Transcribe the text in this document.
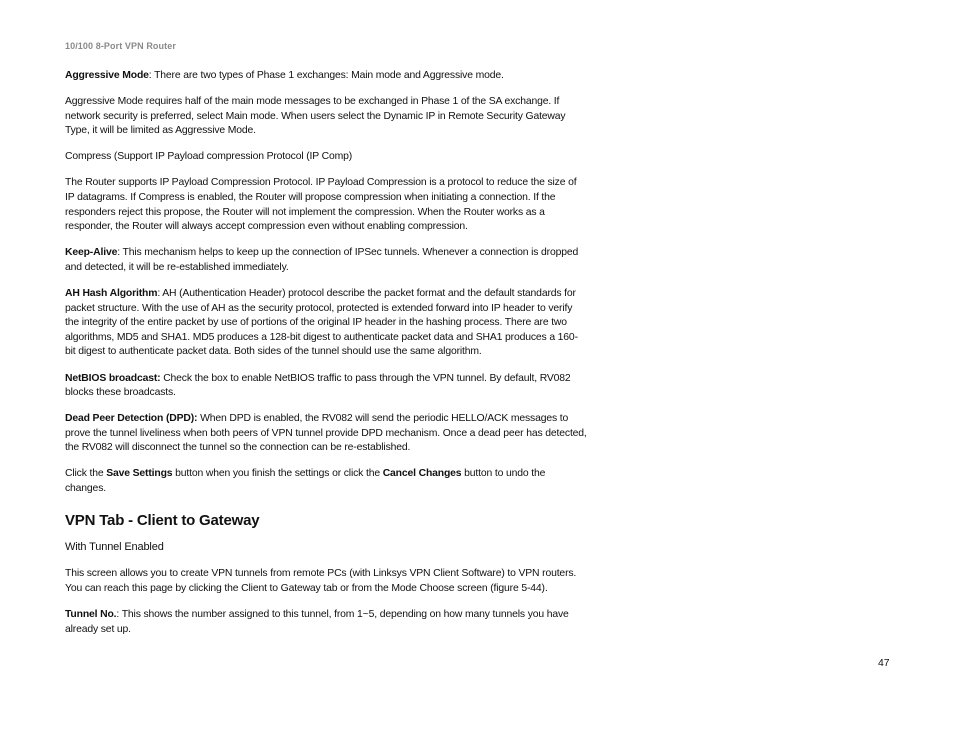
10/100 8-Port VPN Router

Aggressive Mode: There are two types of Phase 1 exchanges: Main mode and Aggressive mode.

Aggressive Mode requires half of the main mode messages to be exchanged in Phase 1 of the SA exchange. If network security is preferred, select Main mode. When users select the Dynamic IP in Remote Security Gateway Type, it will be limited as Aggressive Mode.

Compress (Support IP Payload compression Protocol (IP Comp)

The Router supports IP Payload Compression Protocol. IP Payload Compression is a protocol to reduce the size of IP datagrams. If Compress is enabled, the Router will propose compression when initiating a connection. If the responders reject this propose, the Router will not implement the compression. When the Router works as a responder, the Router will always accept compression even without enabling compression.

Keep-Alive: This mechanism helps to keep up the connection of IPSec tunnels. Whenever a connection is dropped and detected, it will be re-established immediately.

AH Hash Algorithm: AH (Authentication Header) protocol describe the packet format and the default standards for packet structure. With the use of AH as the security protocol, protected is extended forward into IP header to verify the integrity of the entire packet by use of portions of the original IP header in the hashing process. There are two algorithms, MD5 and SHA1. MD5 produces a 128-bit digest to authenticate packet data and SHA1 produces a 160-bit digest to authenticate packet data. Both sides of the tunnel should use the same algorithm.

NetBIOS broadcast: Check the box to enable NetBIOS traffic to pass through the VPN tunnel. By default, RV082 blocks these broadcasts.

Dead Peer Detection (DPD): When DPD is enabled, the RV082 will send the periodic HELLO/ACK messages to prove the tunnel liveliness when both peers of VPN tunnel provide DPD mechanism. Once a dead peer has detected, the RV082 will disconnect the tunnel so the connection can be re-established.

Click the Save Settings button when you finish the settings or click the Cancel Changes button to undo the changes.

VPN Tab - Client to Gateway

With Tunnel Enabled

This screen allows you to create VPN tunnels from remote PCs (with Linksys VPN Client Software) to VPN routers. You can reach this page by clicking the Client to Gateway tab or from the Mode Choose screen (figure 5-44).

Tunnel No.: This shows the number assigned to this tunnel, from 1~5, depending on how many tunnels you have already set up.

47
